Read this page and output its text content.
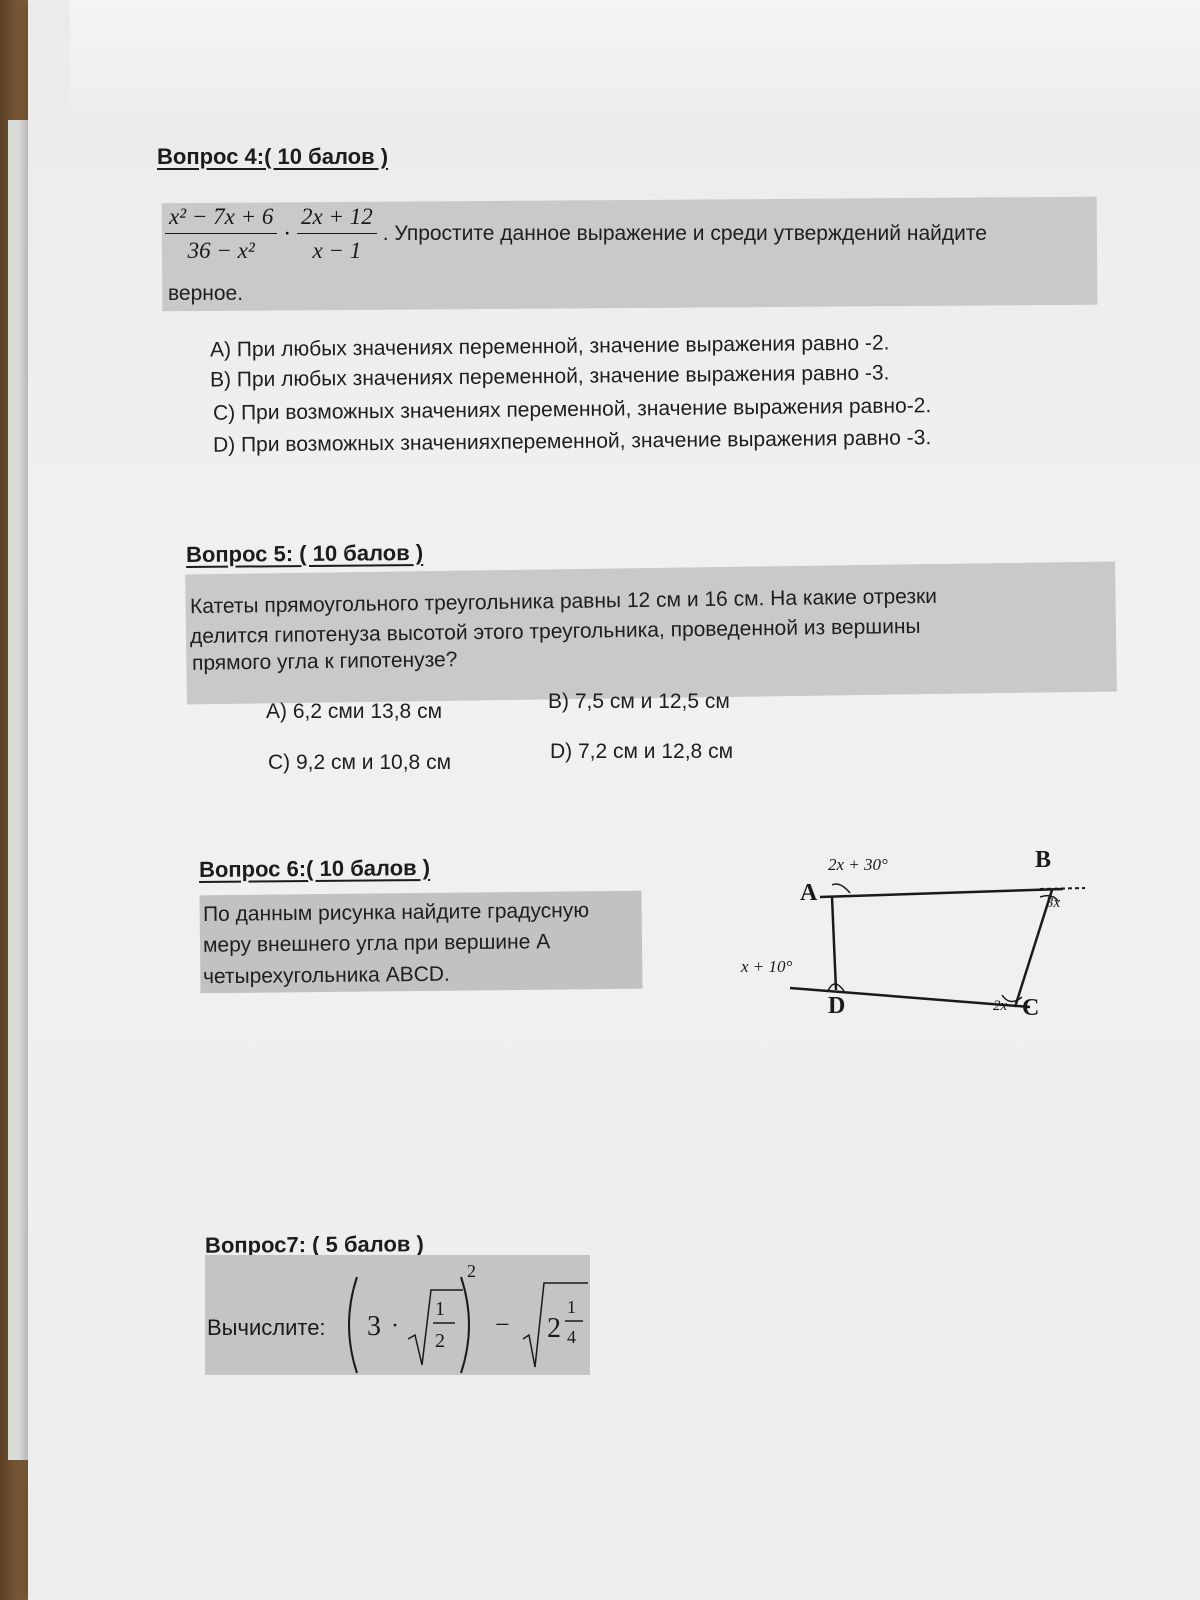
Вопрос 4:( 10 балов )
$\frac{\text{x² − 7x + 6}}{\text{36 − x²}} \cdot \frac{2x + 12}{x - 1}$ . Упростите данное выражение и среди утверждений найдите
верное.
A) При любых значениях переменной, значение выражения равно -2.
B) При любых значениях переменной, значение выражения равно -3.
C) При возможных значениях переменной, значение выражения равно-2.
D) При возможных значенияхпеременной, значение выражения равно -3.
Вопрос 5: ( 10 балов )
Катеты прямоугольного треугольника равны 12 см и 16 см. На какие отрезки
делится гипотенуза высотой этого треугольника, проведенной из вершины
прямого угла к гипотенузе?
A) 6,2 сми 13,8 см	B) 7,5 см и 12,5 см
C) 9,2 см и 10,8 см	D) 7,2 см и 12,8 см
Вопрос 6:( 10 балов )
По данным рисунка найдите градусную
меру внешнего угла при вершине А
четырехугольника ABCD.
A
B
C
D
2x + 30°
3x
2x
x + 10°
Вопрос7: ( 5 балов )
Вычислите: 3 ·
1
2
2
− 2
1
4
